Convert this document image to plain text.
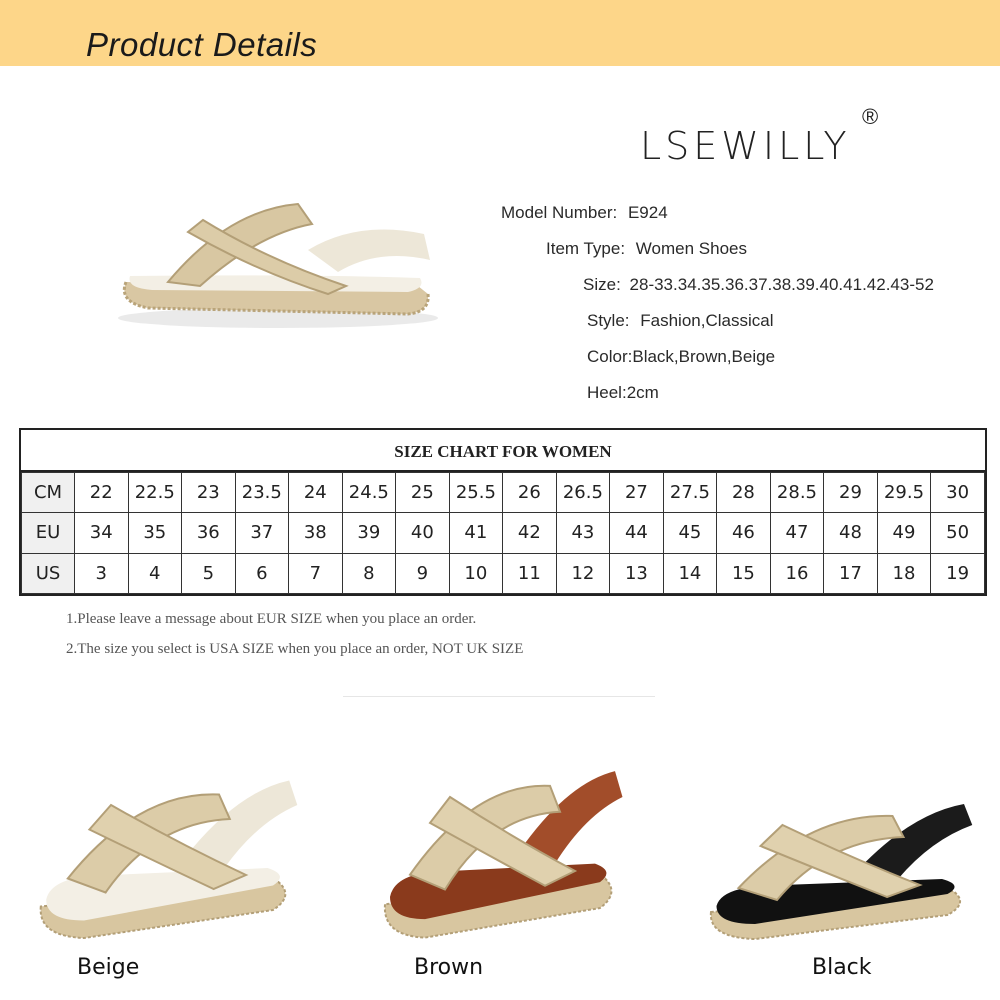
Product Details
LSEWILLY
®
Model Number: E924
Item Type: Women Shoes
Size: 28-33.34.35.36.37.38.39.40.41.42.43-52
Style: Fashion,Classical
Color:Black,Brown,Beige
Heel:2cm
SIZE CHART FOR WOMEN
CM	22	22.5	23	23.5	24	24.5	25	25.5	26	26.5	27	27.5	28	28.5	29	29.5	30
EU	34	35	36	37	38	39	40	41	42	43	44	45	46	47	48	49	50
US	3	4	5	6	7	8	9	10	11	12	13	14	15	16	17	18	19
1.Please leave a message about EUR SIZE when you place an order.
2.The size you select is USA SIZE when you place an order, NOT UK SIZE
Beige	Brown	Black
